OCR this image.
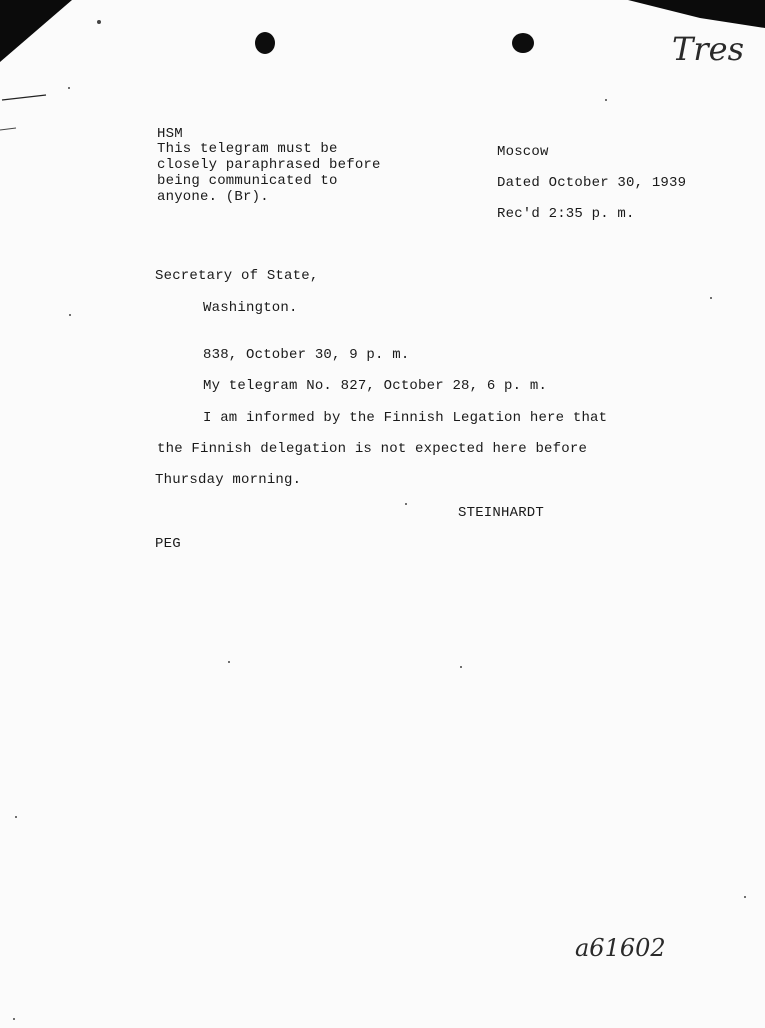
Tres
HSM
This telegram must be
closely paraphrased before
being communicated to
anyone. (Br).
Moscow
Dated October 30, 1939
Rec'd 2:35 p. m.
Secretary of State,
Washington.
838, October 30, 9 p. m.
My telegram No. 827, October 28, 6 p. m.
I am informed by the Finnish Legation here that
the Finnish delegation is not expected here before
Thursday morning.
STEINHARDT
PEG
a61602
